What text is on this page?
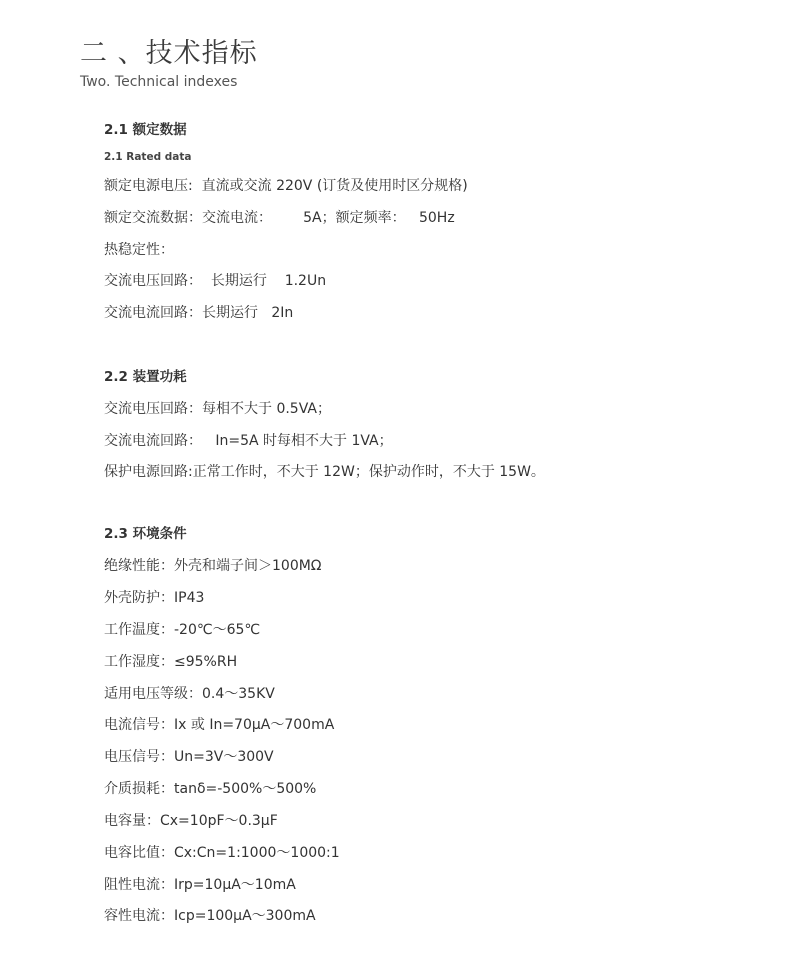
二 、技术指标
Two. Technical indexes
2.1 额定数据
2.1 Rated data
额定电源电压:  直流或交流 220V (订货及使用时区分规格)
额定交流数据：交流电流：       5A；额定频率：   50Hz
热稳定性：
交流电压回路：  长期运行    1.2Un
交流电流回路：长期运行   2In
2.2 装置功耗
交流电压回路：每相不大于 0.5VA；
交流电流回路：   In=5A 时每相不大于 1VA；
保护电源回路:正常工作时，不大于 12W；保护动作时，不大于 15W。
2.3 环境条件
绝缘性能：外壳和端子间＞100MΩ
外壳防护：IP43
工作温度：-20℃～65℃
工作湿度：≤95%RH
适用电压等级：0.4～35KV
电流信号：Ix 或 In=70μA～700mA
电压信号：Un=3V～300V
介质损耗：tanδ=-500%～500%
电容量：Cx=10pF～0.3μF
电容比值：Cx:Cn=1:1000～1000:1
阻性电流：Irp=10μA～10mA
容性电流：Icp=100μA～300mA
